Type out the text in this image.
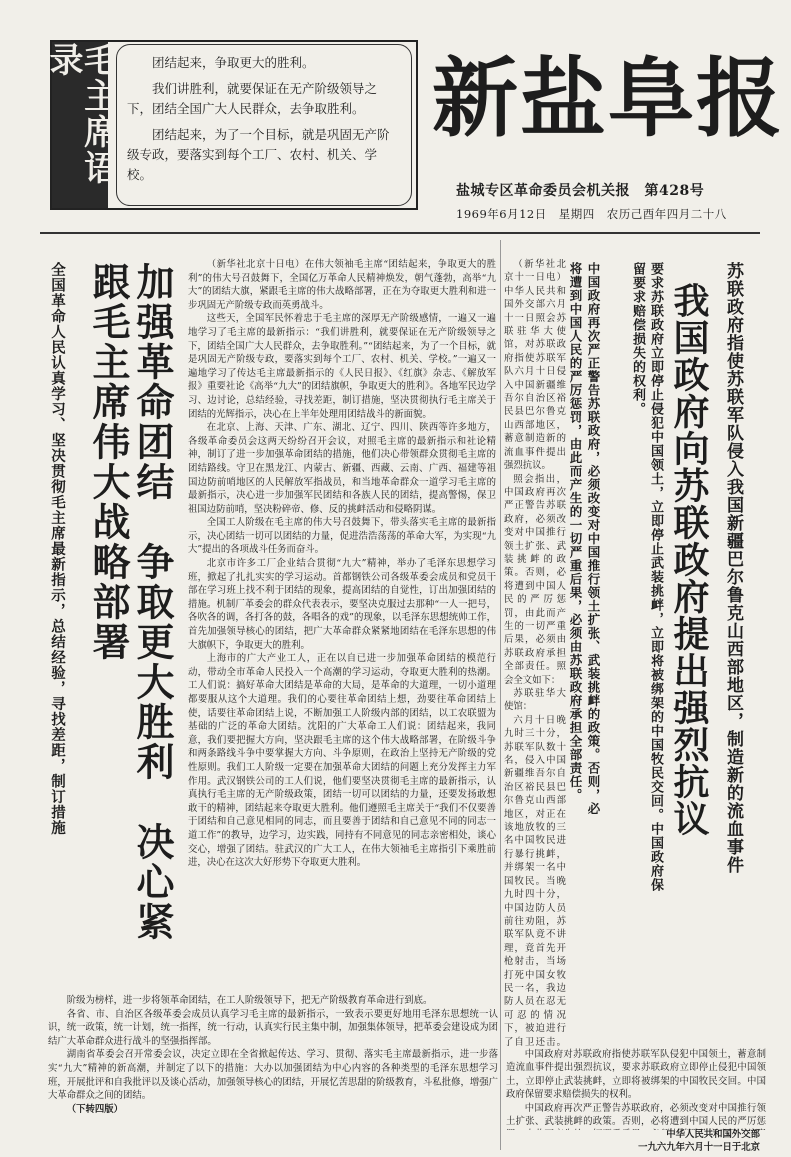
毛主席语录	团结起来，争取更大的胜利。

我们讲胜利，就要保证在无产阶级领导之下，团结全国广大人民群众，去争取胜利。

团结起来，为了一个目标，就是巩固无产阶级专政，要落实到每个工厂、农村、机关、学校。

新盐阜报
盐城专区革命委员会机关报　第428号
1969年6月12日　星期四　农历己酉年四月二十八
全国革命人民认真学习、坚决贯彻毛主席最新指示，总结经验，寻找差距，制订措施	加强革命团结　争取更大胜利　决心紧跟毛主席伟大战略部署	（新华社北京十日电）在伟大领袖毛主席“团结起来，争取更大的胜利”的伟大号召鼓舞下，全国亿万革命人民精神焕发，朝气蓬勃，高举“九大”的团结大旗，紧跟毛主席的伟大战略部署，正在为夺取更大胜利和进一步巩固无产阶级专政而英勇战斗。

这些天，全国军民怀着忠于毛主席的深厚无产阶级感情，一遍又一遍地学习了毛主席的最新指示：“我们讲胜利，就要保证在无产阶级领导之下，团结全国广大人民群众，去争取胜利。”“团结起来，为了一个目标，就是巩固无产阶级专政，要落实到每个工厂、农村、机关、学校。”一遍又一遍地学习了传达毛主席最新指示的《人民日报》、《红旗》杂志、《解放军报》重要社论《高举“九大”的团结旗帜，争取更大的胜利》。各地军民边学习、边讨论，总结经验，寻找差距，制订措施，坚决贯彻执行毛主席关于团结的光辉指示，决心在上半年处理用团结战斗的新面貌。

在北京、上海、天津、广东、湖北、辽宁、四川、陕西等许多地方，各级革命委员会这两天纷纷召开会议，对照毛主席的最新指示和社论精神，制订了进一步加强革命团结的措施，他们决心带领群众贯彻毛主席的团结路线。守卫在黑龙江、内蒙古、新疆、西藏、云南、广西、福建等祖国边防前哨地区的人民解放军指战员，和当地革命群众一道学习毛主席的最新指示，决心进一步加强军民团结和各族人民的团结，提高警惕，保卫祖国边防前哨，坚决粉碎帝、修、反的挑衅活动和侵略阴谋。

全国工人阶级在毛主席的伟大号召鼓舞下，带头落实毛主席的最新指示，决心团结一切可以团结的力量，促进浩浩荡荡的革命大军，为实现“九大”提出的各项战斗任务而奋斗。

北京市许多工厂企业结合贯彻“九大”精神，举办了毛泽东思想学习班，掀起了扎扎实实的学习运动。首都钢铁公司各级革委会成员和党员干部在学习班上找不利于团结的现象，提高团结的自觉性，订出加强团结的措施。机制厂革委会的群众代表表示，要坚决克服过去那种“一人一把号，各吹各的调，各打各的鼓，各唱各的戏”的现象，以毛泽东思想统帅工作，首先加强领导核心的团结，把广大革命群众紧紧地团结在毛泽东思想的伟大旗帜下，争取更大的胜利。

上海市的广大产业工人，正在以自已进一步加强革命团结的模范行动，带动全市革命人民投入一个高潮的学习运动，夺取更大胜利的热潮。工人们说：搞好革命大团结是革命的大局，是革命的大道理，一切小道理都要服从这个大道理。我们的心要往革命团结上想，劲要往革命团结上使，话要往革命团结上说，不断加强工人阶级内部的团结，以工农联盟为基础的广泛的革命大团结。沈阳的广大革命工人们说：团结起来，我同意，我们要把握大方向，坚决跟毛主席的这个伟大战略部署，在阶级斗争和两条路线斗争中要掌握大方向、斗争原则，在政治上坚持无产阶级的党性原则。我们工人阶级一定要在加强革命大团结的问题上充分发挥主力军作用。武汉钢铁公司的工人们说，他们要坚决贯彻毛主席的最新指示，认真执行毛主席的无产阶级政策，团结一切可以团结的力量，还要发扬敢想敢干的精神，团结起来夺取更大胜利。他们遵照毛主席关于“我们不仅要善于团结和自己意见相同的同志，而且要善于团结和自己意见不同的同志一道工作”的教导，边学习，边实践，同持有不同意见的同志亲密相处，谈心交心，增强了团结。驻武汉的广大工人，在伟大领袖毛主席指引下乘胜前进，决心在这次大好形势下夺取更大胜利。

阶级为榜样，进一步将领革命团结，在工人阶级领导下，把无产阶级教育革命进行到底。

各省、市、自治区各级革委会成员认真学习毛主席的最新指示，一致表示要更好地用毛泽东思想统一认识，统一政策，统一计划，统一指挥，统一行动，认真实行民主集中制，加强集体领导，把革委会建设成为团结广大革命群众进行战斗的坚强指挥部。

湖南省革委会召开常委会议，决定立即在全省掀起传达、学习、贯彻、落实毛主席最新指示，进一步落实“九大”精神的新高潮，并制定了以下的措施：大办以加强团结为中心内容的各种类型的毛泽东思想学习班，开展批评和自我批评以及谈心活动，加强领导核心的团结，开展忆苦思甜的阶级教育，斗私批修，增强广大革命群众之间的团结。

（下转四版）

（新华社北京十一日电）中华人民共和国外交部六月十一日照会苏联驻华大使馆，对苏联政府指使苏联军队六月十日侵入中国新疆维吾尔自治区裕民县巴尔鲁克山西部地区，蓄意制造新的流血事件提出强烈抗议。

照会指出，中国政府再次严正警告苏联政府，必须改变对中国推行领土扩张、武装挑衅的政策。否则，必将遭到中国人民的严厉惩罚，由此而产生的一切严重后果，必须由苏联政府承担全部责任。照会全文如下：

苏联驻华大使馆：

六月十日晚九时三十分，苏联军队数十名，侵入中国新疆维吾尔自治区裕民县巴尔鲁克山西部地区，对正在该地放牧的三名中国牧民进行暴行挑衅，并绑架一名中国牧民。当晚九时四十分，中国边防人员前往劝阻，苏联军队竟不讲理，竟首先开枪射击，当场打死中国女牧民一名，我边防人员在忍无可忍的情况下，被迫进行了自卫还击。

中国政府再次严正警告苏联政府，必须改变对中国推行领土扩张、武装挑衅的政策。否则，必将遭到中国人民的严厉惩罚，由此而产生的一切严重后果，必须由苏联政府承担全部责任。	要求苏联政府立即停止侵犯中国领土，立即停止武装挑衅，立即将被绑架的中国牧民交回。中国政府保留要求赔偿损失的权利。 我国政府向苏联政府提出强烈抗议 苏联政府指使苏联军队侵入我国新疆巴尔鲁克山西部地区，制造新的流血事件

中国政府对苏联政府指使苏联军队侵犯中国领土，蓄意制造流血事件提出强烈抗议，要求苏联政府立即停止侵犯中国领土，立即停止武装挑衅，立即将被绑架的中国牧民交回。中国政府保留要求赔偿损失的权利。

中国政府再次严正警告苏联政府，必须改变对中国推行领土扩张、武装挑衅的政策。否则，必将遭到中国人民的严厉惩

中华人民共和国外交部
一九六九年六月十一日于北京
